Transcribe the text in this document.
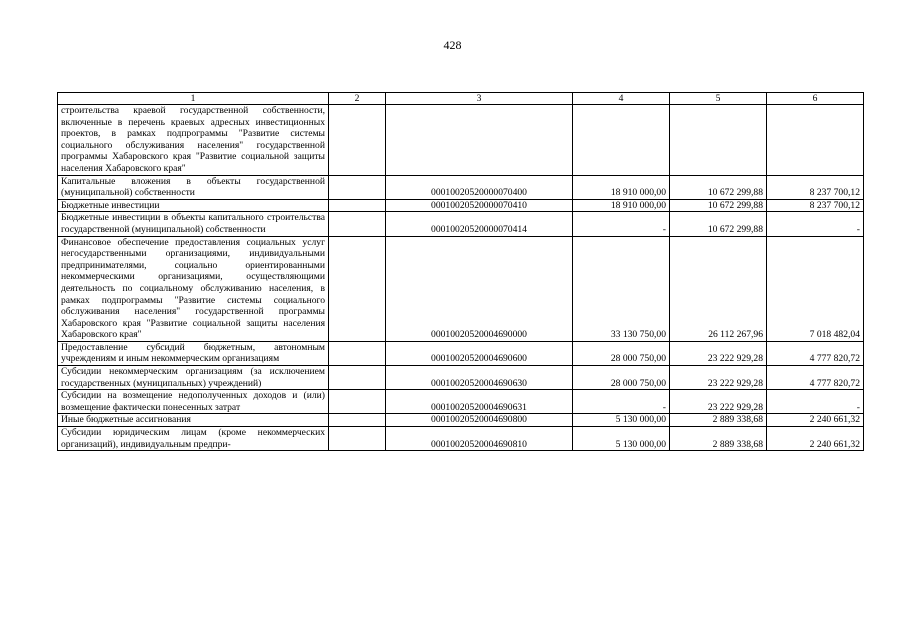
428
1	2	3	4	5	6
строительства краевой государственной собственности, включенные в перечень краевых адресных инвестиционных проектов, в рамках подпрограммы "Развитие системы социального обслуживания населения" государственной программы Хабаровского края "Развитие социальной защиты населения Хабаровского края"					
Капитальные вложения в объекты государственной (муниципальной) собственности		00010020520000070400	18 910 000,00	10 672 299,88	8 237 700,12
Бюджетные инвестиции		00010020520000070410	18 910 000,00	10 672 299,88	8 237 700,12
Бюджетные инвестиции в объекты капитального строительства государственной (муниципальной) собственности		00010020520000070414	-	10 672 299,88	-
Финансовое обеспечение предоставления социальных услуг негосударственными организациями, индивидуальными предпринимателями, социально ориентированными некоммерческими организациями, осуществляющими деятельность по социальному обслуживанию населения, в рамках подпрограммы "Развитие системы социального обслуживания населения" государственной программы Хабаровского края "Развитие социальной защиты населения Хабаровского края"		00010020520004690000	33 130 750,00	26 112 267,96	7 018 482,04
Предоставление субсидий бюджетным, автономным учреждениям и иным некоммерческим организациям		00010020520004690600	28 000 750,00	23 222 929,28	4 777 820,72
Субсидии некоммерческим организациям (за исключением государственных (муниципальных) учреждений)		00010020520004690630	28 000 750,00	23 222 929,28	4 777 820,72
Субсидии на возмещение недополученных доходов и (или) возмещение фактически понесенных затрат		00010020520004690631	-	23 222 929,28	-
Иные бюджетные ассигнования		00010020520004690800	5 130 000,00	2 889 338,68	2 240 661,32
Субсидии юридическим лицам (кроме некоммерческих организаций), индивидуальным предпри-		00010020520004690810	5 130 000,00	2 889 338,68	2 240 661,32
